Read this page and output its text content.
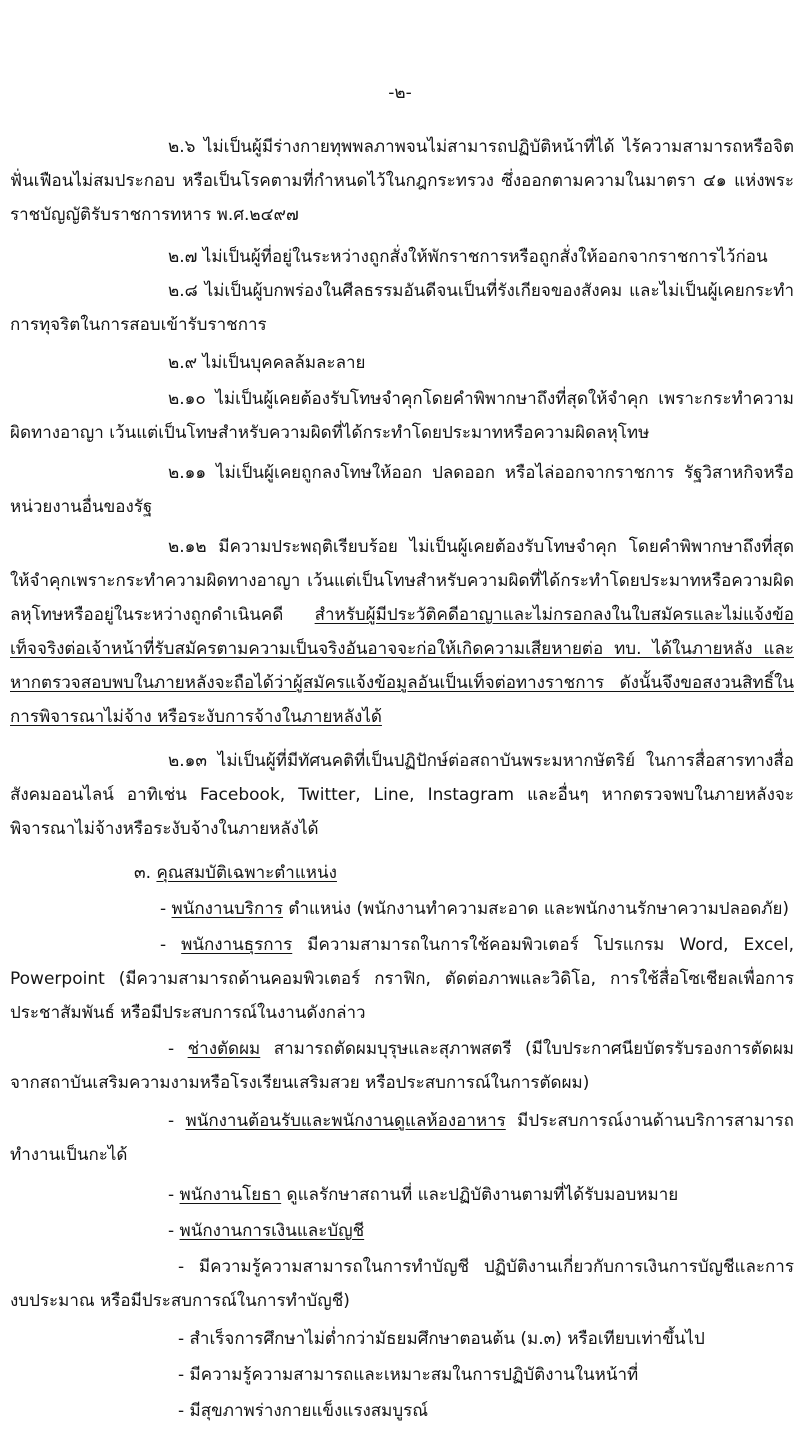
-๒-

๒.๖ ไม่เป็นผู้มีร่างกายทุพพลภาพจนไม่สามารถปฏิบัติหน้าที่ได้ ไร้ความสามารถหรือจิตฟั่นเฟือนไม่สมประกอบ หรือเป็นโรคตามที่กำหนดไว้ในกฎกระทรวง ซึ่งออกตามความในมาตรา ๔๑ แห่งพระราชบัญญัติรับราชการทหาร พ.ศ.๒๔๙๗

๒.๗ ไม่เป็นผู้ที่อยู่ในระหว่างถูกสั่งให้พักราชการหรือถูกสั่งให้ออกจากราชการไว้ก่อน

๒.๘ ไม่เป็นผู้บกพร่องในศีลธรรมอันดีจนเป็นที่รังเกียจของสังคม และไม่เป็นผู้เคยกระทำการทุจริตในการสอบเข้ารับราชการ

๒.๙ ไม่เป็นบุคคลล้มละลาย

๒.๑๐ ไม่เป็นผู้เคยต้องรับโทษจำคุกโดยคำพิพากษาถึงที่สุดให้จำคุก เพราะกระทำความผิดทางอาญา เว้นแต่เป็นโทษสำหรับความผิดที่ได้กระทำโดยประมาทหรือความผิดลหุโทษ

๒.๑๑ ไม่เป็นผู้เคยถูกลงโทษให้ออก ปลดออก หรือไล่ออกจากราชการ รัฐวิสาหกิจหรือหน่วยงานอื่นของรัฐ

๒.๑๒ มีความประพฤติเรียบร้อย ไม่เป็นผู้เคยต้องรับโทษจำคุก โดยคำพิพากษาถึงที่สุดให้จำคุกเพราะกระทำความผิดทางอาญา เว้นแต่เป็นโทษสำหรับความผิดที่ได้กระทำโดยประมาทหรือความผิดลหุโทษหรืออยู่ในระหว่างถูกดำเนินคดี สำหรับผู้มีประวัติคดีอาญาและไม่กรอกลงในใบสมัครและไม่แจ้งข้อเท็จจริงต่อเจ้าหน้าที่รับสมัครตามความเป็นจริงอันอาจจะก่อให้เกิดความเสียหายต่อ ทบ. ได้ในภายหลัง และหากตรวจสอบพบในภายหลังจะถือได้ว่าผู้สมัครแจ้งข้อมูลอันเป็นเท็จต่อทางราชการ ดังนั้นจึงขอสงวนสิทธิ์ในการพิจารณาไม่จ้าง หรือระงับการจ้างในภายหลังได้

๒.๑๓ ไม่เป็นผู้ที่มีทัศนคติที่เป็นปฏิปักษ์ต่อสถาบันพระมหากษัตริย์ ในการสื่อสารทางสื่อสังคมออนไลน์ อาทิเช่น Facebook, Twitter, Line, Instagram และอื่นๆ หากตรวจพบในภายหลังจะพิจารณาไม่จ้างหรือระงับจ้างในภายหลังได้

๓. คุณสมบัติเฉพาะตำแหน่ง

- พนักงานบริการ ตำแหน่ง (พนักงานทำความสะอาด และพนักงานรักษาความปลอดภัย)

- พนักงานธุรการ มีความสามารถในการใช้คอมพิวเตอร์ โปรแกรม Word, Excel, Powerpoint (มีความสามารถด้านคอมพิวเตอร์ กราฟิก, ตัดต่อภาพและวิดิโอ, การใช้สื่อโซเชียลเพื่อการประชาสัมพันธ์ หรือมีประสบการณ์ในงานดังกล่าว

- ช่างตัดผม สามารถตัดผมบุรุษและสุภาพสตรี (มีใบประกาศนียบัตรรับรองการตัดผมจากสถาบันเสริมความงามหรือโรงเรียนเสริมสวย หรือประสบการณ์ในการตัดผม)

- พนักงานต้อนรับและพนักงานดูแลห้องอาหาร มีประสบการณ์งานด้านบริการสามารถทำงานเป็นกะได้

- พนักงานโยธา ดูแลรักษาสถานที่ และปฏิบัติงานตามที่ได้รับมอบหมาย

- พนักงานการเงินและบัญชี

- มีความรู้ความสามารถในการทำบัญชี ปฏิบัติงานเกี่ยวกับการเงินการบัญชีและการงบประมาณ หรือมีประสบการณ์ในการทำบัญชี)

- สำเร็จการศึกษาไม่ต่ำกว่ามัธยมศึกษาตอนต้น (ม.๓) หรือเทียบเท่าขึ้นไป

- มีความรู้ความสามารถและเหมาะสมในการปฏิบัติงานในหน้าที่

- มีสุขภาพร่างกายแข็งแรงสมบูรณ์
